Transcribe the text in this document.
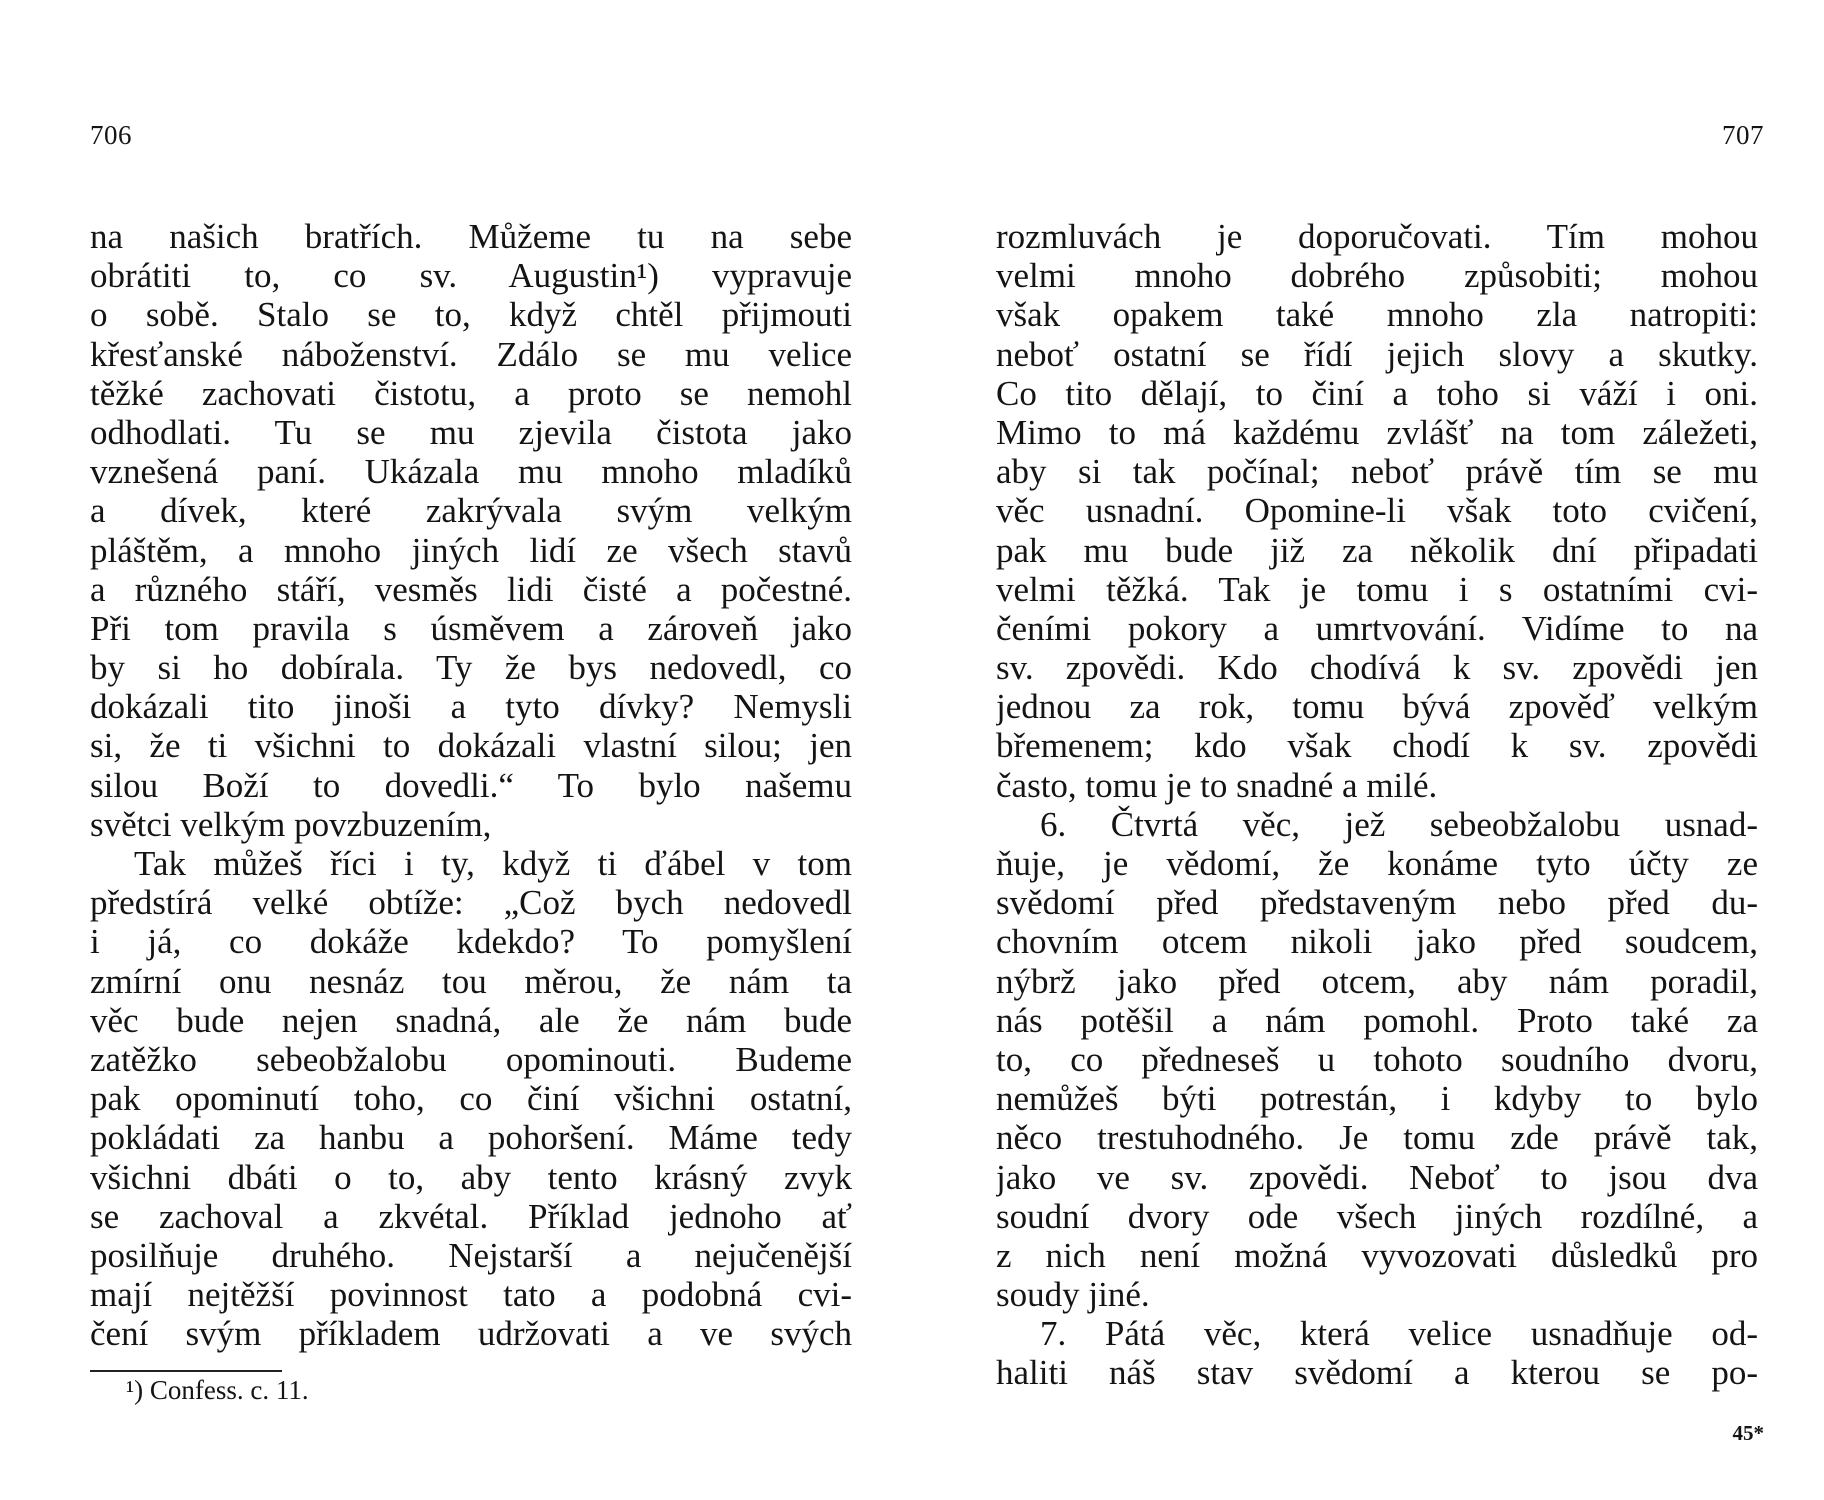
706
na našich bratřích. Můžeme tu na sebe
obrátiti to, co sv. Augustin¹) vypravuje
o sobě. Stalo se to, když chtěl přijmouti
křesťanské náboženství. Zdálo se mu velice
těžké zachovati čistotu, a proto se nemohl
odhodlati. Tu se mu zjevila čistota jako
vznešená paní. Ukázala mu mnoho mladíků
a dívek, které zakrývala svým velkým
pláštěm, a mnoho jiných lidí ze všech stavů
a různého stáří, vesměs lidi čisté a počestné.
Při tom pravila s úsměvem a zároveň jako
by si ho dobírala. Ty že bys nedovedl, co
dokázali tito jinoši a tyto dívky? Nemysli
si, že ti všichni to dokázali vlastní silou; jen
silou Boží to dovedli.“ To bylo našemu
světci velkým povzbuzením,
Tak můžeš říci i ty, když ti ďábel v tom
předstírá velké obtíže: „Což bych nedovedl
i já, co dokáže kdekdo? To pomyšlení
zmírní onu nesnáz tou měrou, že nám ta
věc bude nejen snadná, ale že nám bude
zatěžko sebeobžalobu opominouti. Budeme
pak opominutí toho, co činí všichni ostatní,
pokládati za hanbu a pohoršení. Máme tedy
všichni dbáti o to, aby tento krásný zvyk
se zachoval a zkvétal. Příklad jednoho ať
posilňuje druhého. Nejstarší a nejučenější
mají nejtěžší povinnost tato a podobná cvi-
čení svým příkladem udržovati a ve svých
¹) Confess. c. 11.
707
rozmluvách je doporučovati. Tím mohou
velmi mnoho dobrého způsobiti; mohou
však opakem také mnoho zla natropiti:
neboť ostatní se řídí jejich slovy a skutky.
Co tito dělají, to činí a toho si váží i oni.
Mimo to má každému zvlášť na tom záležeti,
aby si tak počínal; neboť právě tím se mu
věc usnadní. Opomine-li však toto cvičení,
pak mu bude již za několik dní připadati
velmi těžká. Tak je tomu i s ostatními cvi-
čeními pokory a umrtvování. Vidíme to na
sv. zpovědi. Kdo chodívá k sv. zpovědi jen
jednou za rok, tomu bývá zpověď velkým
břemenem; kdo však chodí k sv. zpovědi
často, tomu je to snadné a milé.
6. Čtvrtá věc, jež sebeobžalobu usnad-
ňuje, je vědomí, že konáme tyto účty ze
svědomí před představeným nebo před du-
chovním otcem nikoli jako před soudcem,
nýbrž jako před otcem, aby nám poradil,
nás potěšil a nám pomohl. Proto také za
to, co předneseš u tohoto soudního dvoru,
nemůžeš býti potrestán, i kdyby to bylo
něco trestuhodného. Je tomu zde právě tak,
jako ve sv. zpovědi. Neboť to jsou dva
soudní dvory ode všech jiných rozdílné, a
z nich není možná vyvozovati důsledků pro
soudy jiné.
7. Pátá věc, která velice usnadňuje od-
haliti náš stav svědomí a kterou se po-
45*
